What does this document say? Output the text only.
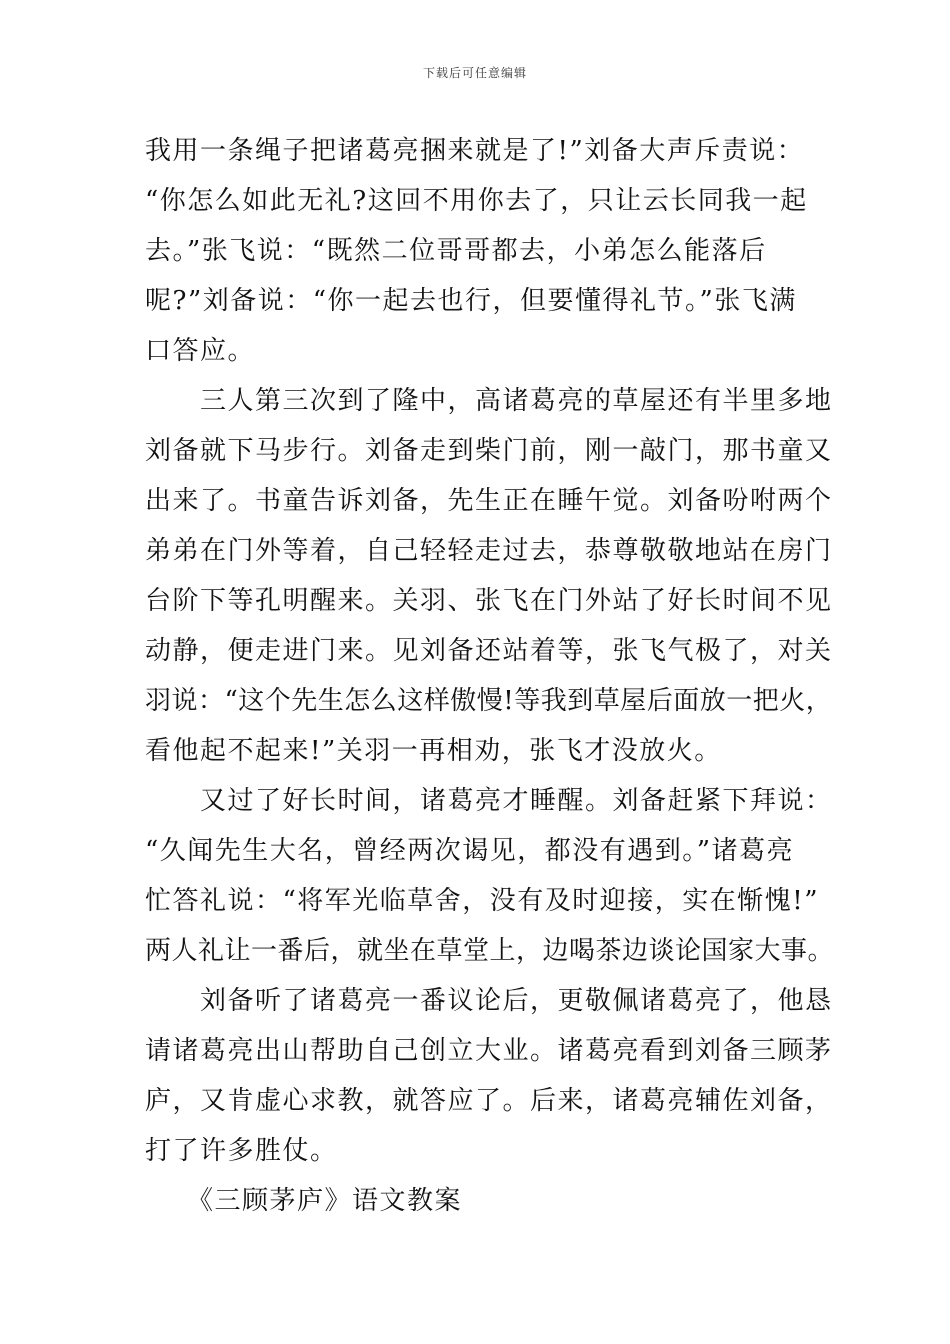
下载后可任意编辑
我用一条绳子把诸葛亮捆来就是了!”刘备大声斥责说：
“你怎么如此无礼?这回不用你去了，只让云长同我一起
去。”张飞说：“既然二位哥哥都去，小弟怎么能落后
呢?”刘备说：“你一起去也行，但要懂得礼节。”张飞满
口答应。
　　三人第三次到了隆中，高诸葛亮的草屋还有半里多地
刘备就下马步行。刘备走到柴门前，刚一敲门，那书童又
出来了。书童告诉刘备，先生正在睡午觉。刘备吩咐两个
弟弟在门外等着，自己轻轻走过去，恭尊敬敬地站在房门
台阶下等孔明醒来。关羽、张飞在门外站了好长时间不见
动静，便走进门来。见刘备还站着等，张飞气极了，对关
羽说：“这个先生怎么这样傲慢!等我到草屋后面放一把火，
看他起不起来!”关羽一再相劝，张飞才没放火。
　　又过了好长时间，诸葛亮才睡醒。刘备赶紧下拜说：
“久闻先生大名，曾经两次谒见，都没有遇到。”诸葛亮
忙答礼说：“将军光临草舍，没有及时迎接，实在惭愧!”
两人礼让一番后，就坐在草堂上，边喝茶边谈论国家大事。
　　刘备听了诸葛亮一番议论后，更敬佩诸葛亮了，他恳
请诸葛亮出山帮助自己创立大业。诸葛亮看到刘备三顾茅
庐，又肯虚心求教，就答应了。后来，诸葛亮辅佐刘备，
打了许多胜仗。
　　《三顾茅庐》语文教案
